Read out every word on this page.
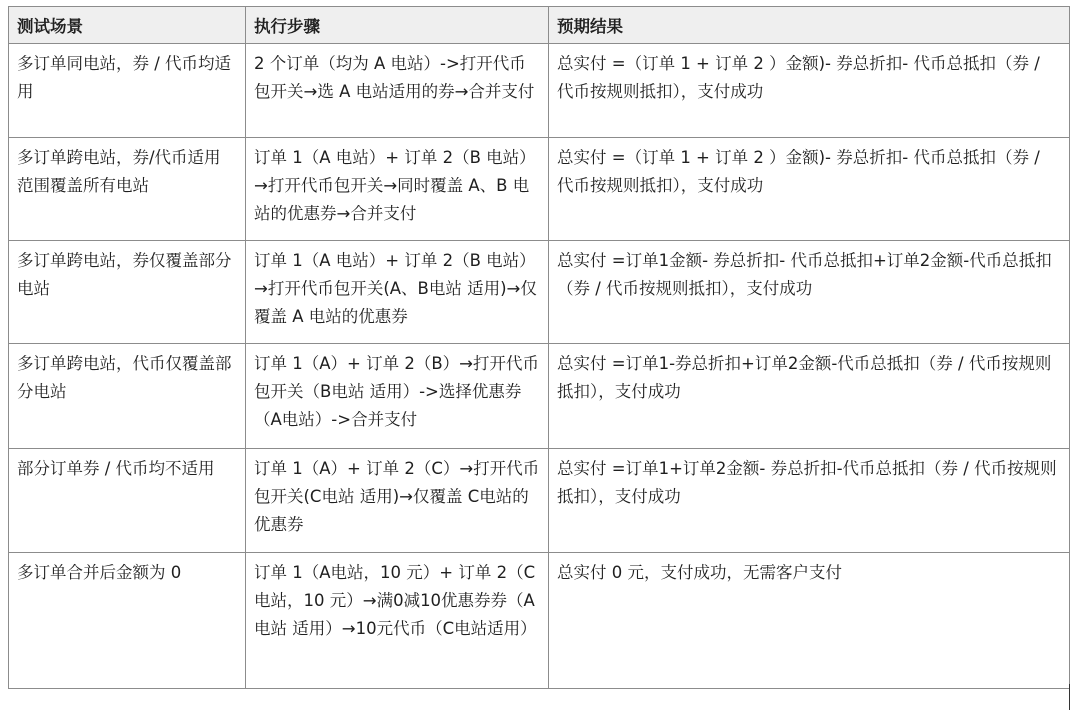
测试场景	执行步骤	预期结果
多订单同电站，券 / 代币均适用	2 个订单（均为 A 电站）->打开代币包开关→选 A 电站适用的券→合并支付	总实付 =（订单 1 + 订单 2 ）金额)- 券总折扣- 代币总抵扣（券 / 代币按规则抵扣），支付成功
多订单跨电站，券/代币适用范围覆盖所有电站	订单 1（A 电站）+ 订单 2（B 电站）→打开代币包开关→同时覆盖 A、B 电站的优惠券→合并支付	总实付 =（订单 1 + 订单 2 ）金额)- 券总折扣- 代币总抵扣（券 / 代币按规则抵扣），支付成功
多订单跨电站，券仅覆盖部分电站	订单 1（A 电站）+ 订单 2（B 电站）→打开代币包开关(A、B电站 适用)→仅覆盖 A 电站的优惠券	总实付 =订单1金额- 券总折扣- 代币总抵扣+订单2金额-代币总抵扣（券 / 代币按规则抵扣），支付成功
多订单跨电站，代币仅覆盖部分电站	订单 1（A）+ 订单 2（B）→打开代币包开关（B电站 适用）->选择优惠券（A电站）->合并支付	总实付 =订单1-券总折扣+订单2金额-代币总抵扣（券 / 代币按规则抵扣），支付成功
部分订单券 / 代币均不适用	订单 1（A）+ 订单 2（C）→打开代币包开关(C电站 适用)→仅覆盖 C电站的优惠券	总实付 =订单1+订单2金额- 券总折扣-代币总抵扣（券 / 代币按规则抵扣），支付成功
多订单合并后金额为 0	订单 1（A电站，10 元）+ 订单 2（C电站，10 元）→满0减10优惠券券（A电站 适用）→10元代币（C电站适用）	总实付 0 元，支付成功，无需客户支付
